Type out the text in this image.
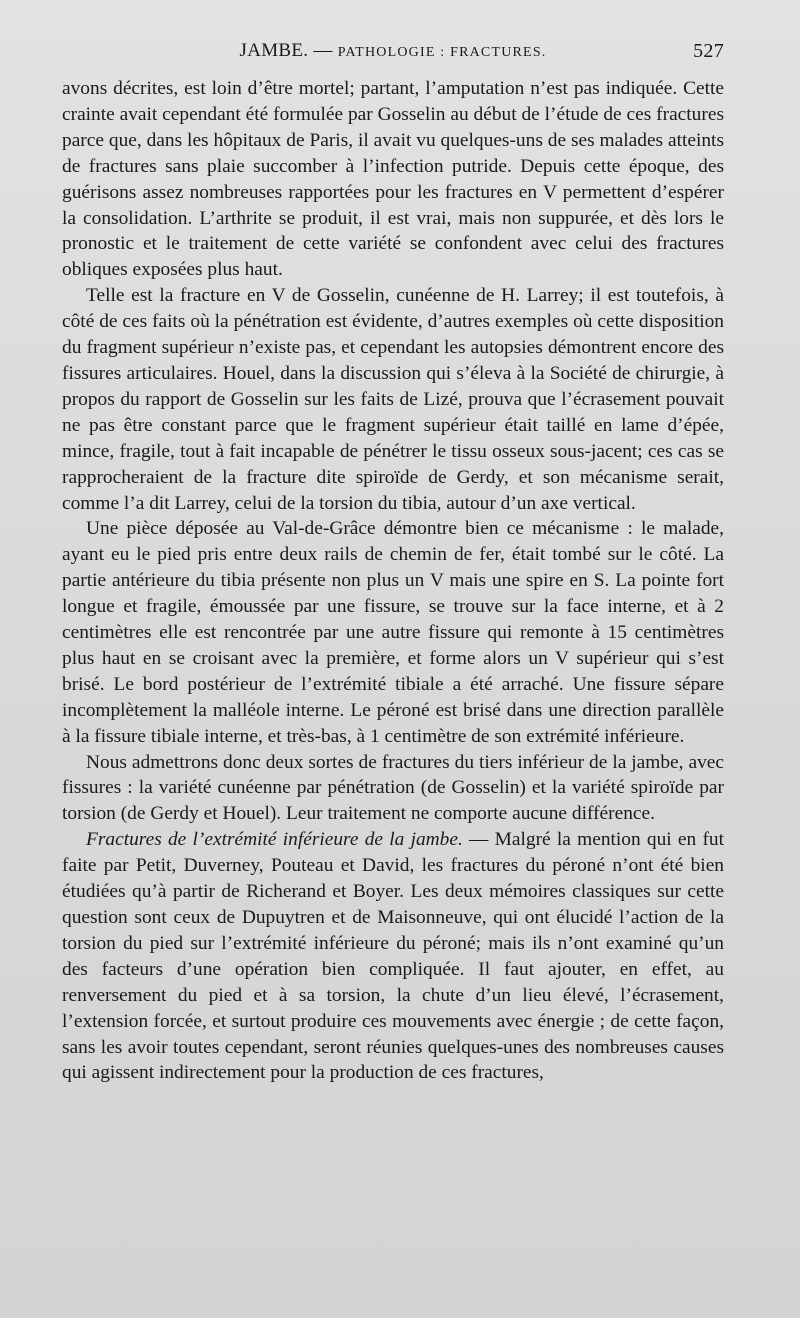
JAMBE. — PATHOLOGIE : FRACTURES.	527

avons décrites, est loin d’être mortel; partant, l’amputation n’est pas indiquée. Cette crainte avait cependant été formulée par Gosselin au début de l’étude de ces fractures parce que, dans les hôpitaux de Paris, il avait vu quelques-uns de ses malades atteints de fractures sans plaie succomber à l’infection putride. Depuis cette époque, des guérisons assez nombreuses rapportées pour les fractures en V permettent d’espérer la consolidation. L’arthrite se produit, il est vrai, mais non suppurée, et dès lors le pronostic et le traitement de cette variété se confondent avec celui des fractures obliques exposées plus haut.

Telle est la fracture en V de Gosselin, cunéenne de H. Larrey; il est toutefois, à côté de ces faits où la pénétration est évidente, d’autres exemples où cette disposition du fragment supérieur n’existe pas, et cependant les autopsies démontrent encore des fissures articulaires. Houel, dans la discussion qui s’éleva à la Société de chirurgie, à propos du rapport de Gosselin sur les faits de Lizé, prouva que l’écrasement pouvait ne pas être constant parce que le fragment supérieur était taillé en lame d’épée, mince, fragile, tout à fait incapable de pénétrer le tissu osseux sous-jacent; ces cas se rapprocheraient de la fracture dite spiroïde de Gerdy, et son mécanisme serait, comme l’a dit Larrey, celui de la torsion du tibia, autour d’un axe vertical.

Une pièce déposée au Val-de-Grâce démontre bien ce mécanisme : le malade, ayant eu le pied pris entre deux rails de chemin de fer, était tombé sur le côté. La partie antérieure du tibia présente non plus un V mais une spire en S. La pointe fort longue et fragile, émoussée par une fissure, se trouve sur la face interne, et à 2 centimètres elle est rencontrée par une autre fissure qui remonte à 15 centimètres plus haut en se croisant avec la première, et forme alors un V supérieur qui s’est brisé. Le bord postérieur de l’extrémité tibiale a été arraché. Une fissure sépare incomplètement la malléole interne. Le péroné est brisé dans une direction parallèle à la fissure tibiale interne, et très-bas, à 1 centimètre de son extrémité inférieure.

Nous admettrons donc deux sortes de fractures du tiers inférieur de la jambe, avec fissures : la variété cunéenne par pénétration (de Gosselin) et la variété spiroïde par torsion (de Gerdy et Houel). Leur traitement ne comporte aucune différence.

Fractures de l’extrémité inférieure de la jambe. — Malgré la mention qui en fut faite par Petit, Duverney, Pouteau et David, les fractures du péroné n’ont été bien étudiées qu’à partir de Richerand et Boyer. Les deux mémoires classiques sur cette question sont ceux de Dupuytren et de Maisonneuve, qui ont élucidé l’action de la torsion du pied sur l’extrémité inférieure du péroné; mais ils n’ont examiné qu’un des facteurs d’une opération bien compliquée. Il faut ajouter, en effet, au renversement du pied et à sa torsion, la chute d’un lieu élevé, l’écrasement, l’extension forcée, et surtout produire ces mouvements avec énergie ; de cette façon, sans les avoir toutes cependant, seront réunies quelques-unes des nombreuses causes qui agissent indirectement pour la production de ces fractures,
